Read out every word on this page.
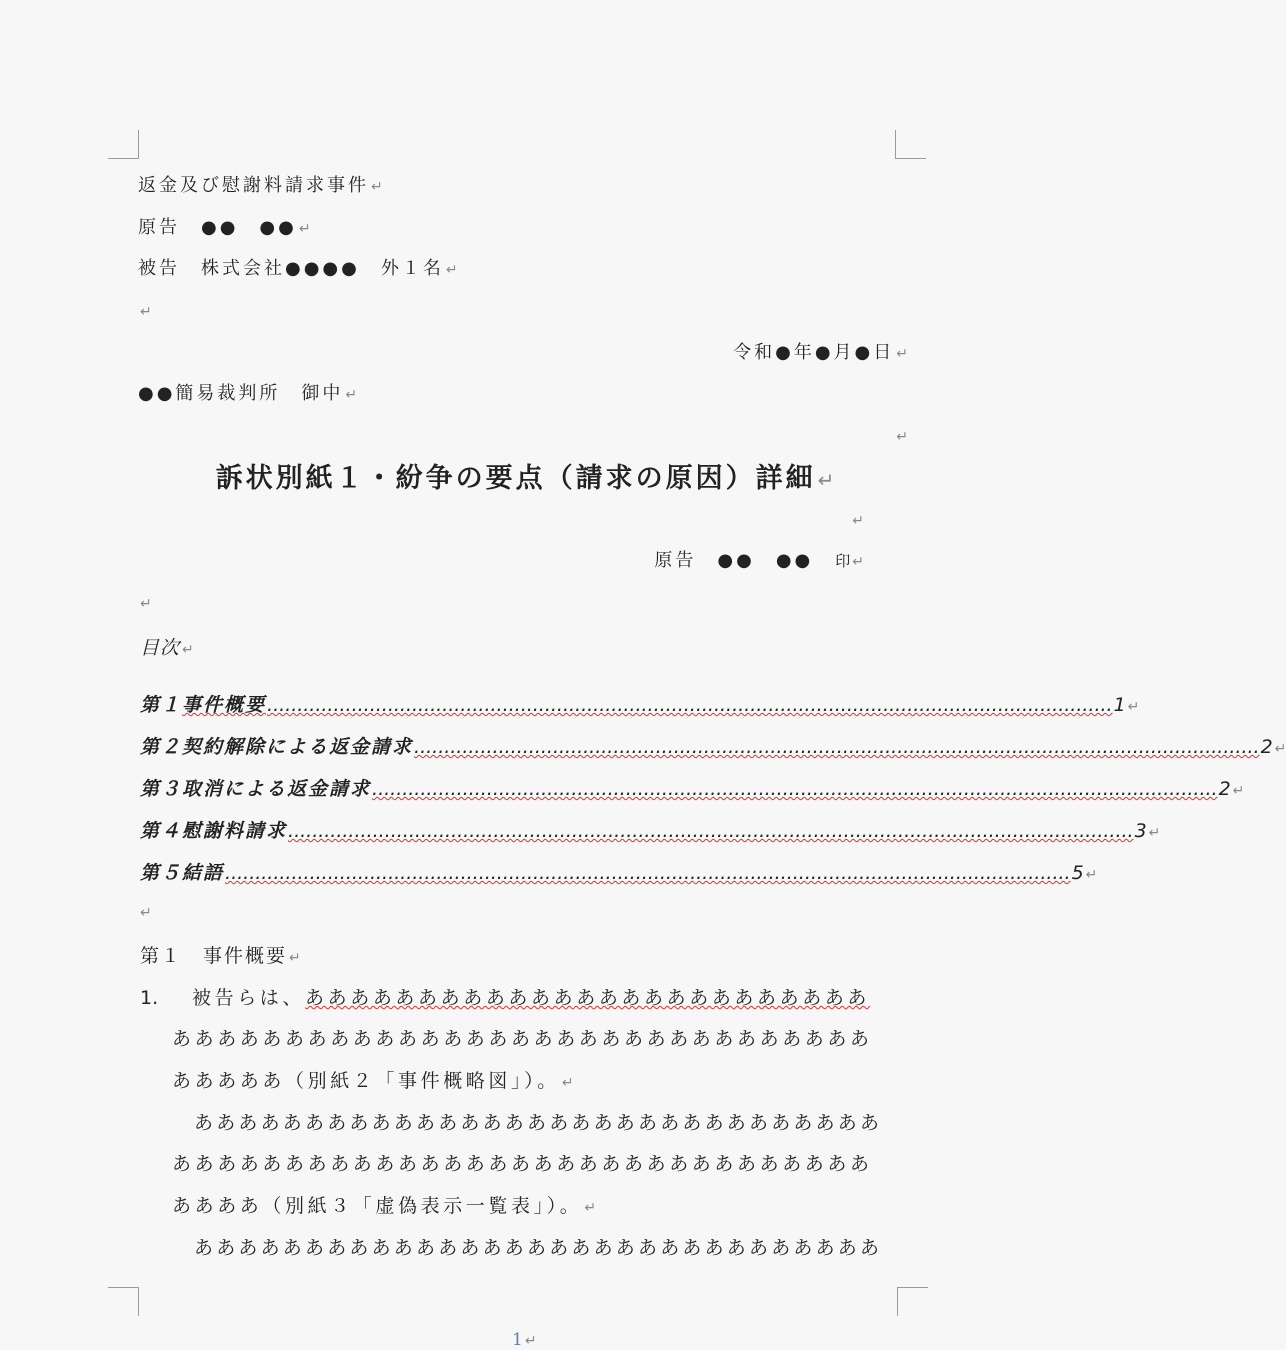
返金及び慰謝料請求事件 ↵
原告　●●　●● ↵
被告　株式会社●●●●　外１名 ↵
↵
令和●年●月●日 ↵
●●簡易裁判所　御中 ↵
↵
訴状別紙１・紛争の要点（請求の原因）詳細 ↵
↵
原告　●●　●● 印 ↵
↵
目次 ↵
第１ 事件概要 ............................................................................................................................................ 1 ↵
第２ 契約解除による返金請求 ............................................................................................................................................ 2 ↵
第３ 取消による返金請求 ............................................................................................................................................ 2 ↵
第４ 慰謝料請求 ............................................................................................................................................ 3 ↵
第５ 結語 ............................................................................................................................................ 5 ↵
↵
第１　事件概要 ↵
1. 被告らは、あああああああああああああああああああああああああ
あああああああああああああああああああああああああああああああ
あああああ（別紙２「事件概略図」）。 ↵
あああああああああああああああああああああああああああああああ
あああああああああああああああああああああああああああああああ
ああああ（別紙３「虚偽表示一覧表」）。 ↵
あああああああああああああああああああああああああああああああ
1 ↵
